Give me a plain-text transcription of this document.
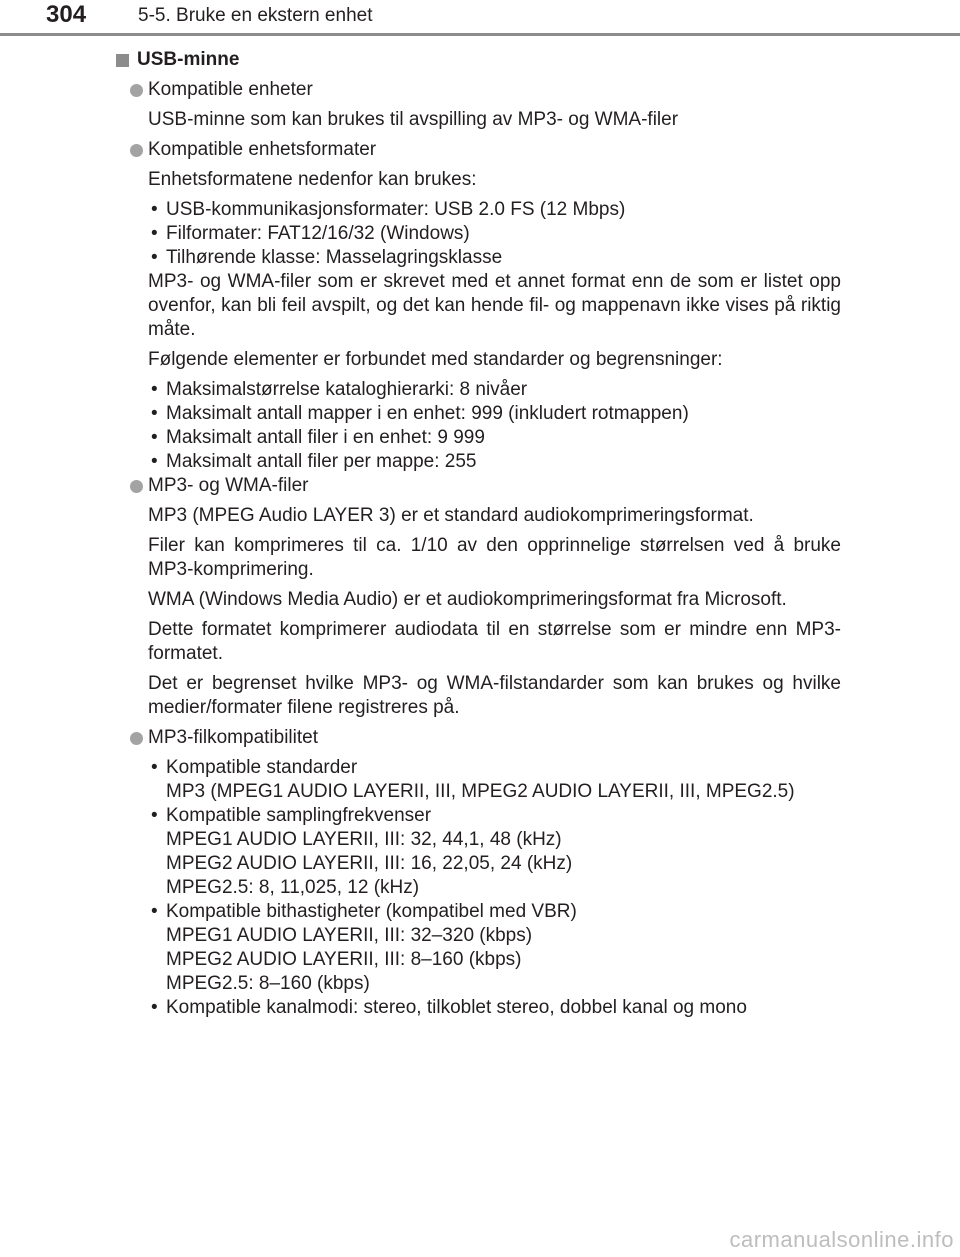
304	5-5. Bruke en ekstern enhet
USB-minne
Kompatible enheter
USB-minne som kan brukes til avspilling av MP3- og WMA-filer
Kompatible enhetsformater
Enhetsformatene nedenfor kan brukes:
• USB-kommunikasjonsformater: USB 2.0 FS (12 Mbps)
• Filformater: FAT12/16/32 (Windows)
• Tilhørende klasse: Masselagringsklasse
MP3- og WMA-filer som er skrevet med et annet format enn de som er listet opp ovenfor, kan bli feil avspilt, og det kan hende fil- og mappenavn ikke vises på riktig måte.
Følgende elementer er forbundet med standarder og begrensninger:
• Maksimalstørrelse kataloghierarki: 8 nivåer
• Maksimalt antall mapper i en enhet: 999 (inkludert rotmappen)
• Maksimalt antall filer i en enhet: 9 999
• Maksimalt antall filer per mappe: 255
MP3- og WMA-filer
MP3 (MPEG Audio LAYER 3) er et standard audiokomprimeringsformat.
Filer kan komprimeres til ca. 1/10 av den opprinnelige størrelsen ved å bruke MP3-komprimering.
WMA (Windows Media Audio) er et audiokomprimeringsformat fra Microsoft.
Dette formatet komprimerer audiodata til en størrelse som er mindre enn MP3-formatet.
Det er begrenset hvilke MP3- og WMA-filstandarder som kan brukes og hvilke medier/formater filene registreres på.
MP3-filkompatibilitet
• Kompatible standarder
MP3 (MPEG1 AUDIO LAYERII, III, MPEG2 AUDIO LAYERII, III, MPEG2.5)
• Kompatible samplingfrekvenser
MPEG1 AUDIO LAYERII, III: 32, 44,1, 48 (kHz)
MPEG2 AUDIO LAYERII, III: 16, 22,05, 24 (kHz)
MPEG2.5: 8, 11,025, 12 (kHz)
• Kompatible bithastigheter (kompatibel med VBR)
MPEG1 AUDIO LAYERII, III: 32–320 (kbps)
MPEG2 AUDIO LAYERII, III: 8–160 (kbps)
MPEG2.5: 8–160 (kbps)
• Kompatible kanalmodi: stereo, tilkoblet stereo, dobbel kanal og mono
carmanualsonline.info
